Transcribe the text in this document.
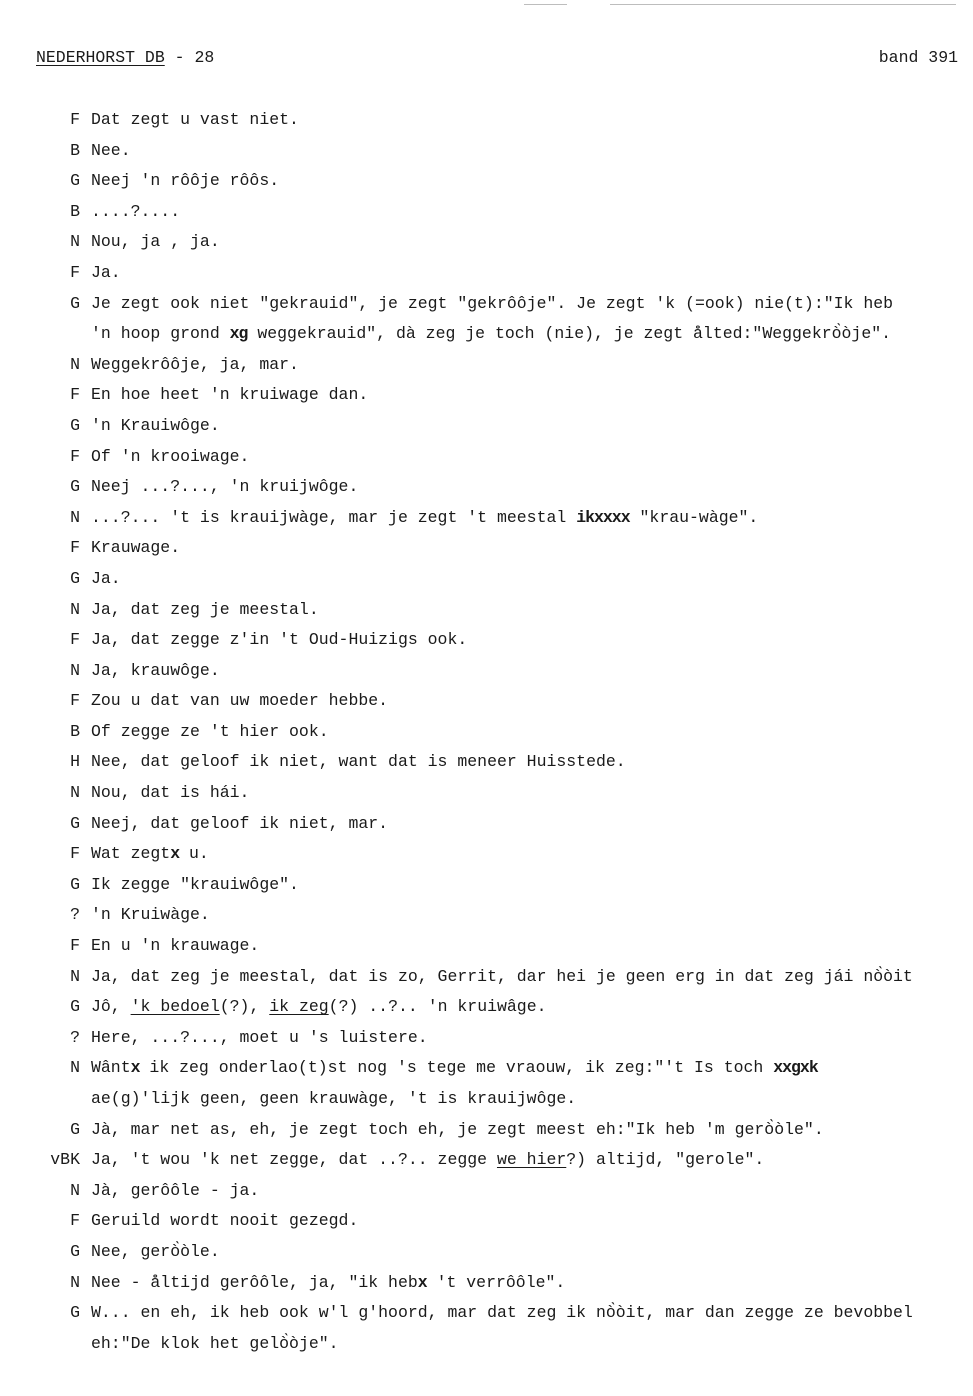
NEDERHORST DB - 28	band 391
F Dat zegt u vast niet.
B Nee.
G Neej 'n rôôje rôôs.
B ....?....
N Nou, ja , ja.
F Ja.
G Je zegt ook niet "gekrauid", je zegt "gekrôôje". Je zegt 'k (=ook) nie(t):"Ik heb
'n hoop grond xg weggekrauid", dà zeg je toch (nie), je zegt ålted:"Weggekrò̀òje".
N Weggekrôôje, ja, mar.
F En hoe heet 'n kruiwage dan.
G 'n Krauiwôge.
F Of 'n krooiwage.
G Neej ...?..., 'n kruijwôge.
N ...?... 't is krauijwàge, mar je zegt 't meestal ikxxxx "krau-wàge".
F Krauwage.
G Ja.
N Ja, dat zeg je meestal.
F Ja, dat zegge z'in 't Oud-Huizigs ook.
N Ja, krauwôge.
F Zou u dat van uw moeder hebbe.
B Of zegge ze 't hier ook.
H Nee, dat geloof ik niet, want dat is meneer Huisstede.
N Nou, dat is hái.
G Neej, dat geloof ik niet, mar.
F Wat zegtx u.
G Ik zegge "krauiwôge".
? 'n Kruiwàge.
F En u 'n krauwage.
N Ja, dat zeg je meestal, dat is zo, Gerrit, dar hei je geen erg in dat zeg jái nò̀òit
G Jô, 'k bedoel(?), ik zeg(?) ..?.. 'n kruiwâge.
? Here, ...?..., moet u 's luistere.
N Wântx ik zeg onderlao(t)st nog 's tege me vraouw, ik zeg:"'t Is toch xxgxk
ae(g)'lijk geen, geen krauwàge, 't is krauijwôge.
G Jà, mar net as, eh, je zegt toch eh, je zegt meest eh:"Ik heb 'm gerò̀òle".
vBK Ja, 't wou 'k net zegge, dat ..?.. zegge we hier?) altijd, "gerole".
N Jà, gerôôle - ja.
F Geruild wordt nooit gezegd.
G Nee, gerò̀òle.
N Nee - åltijd gerôôle, ja, "ik hebx 't verrôôle".
G W... en eh, ik heb ook w'l g'hoord, mar dat zeg ik nò̀òit, mar dan zegge ze bevobbel
eh:"De klok het gelò̀òje".
